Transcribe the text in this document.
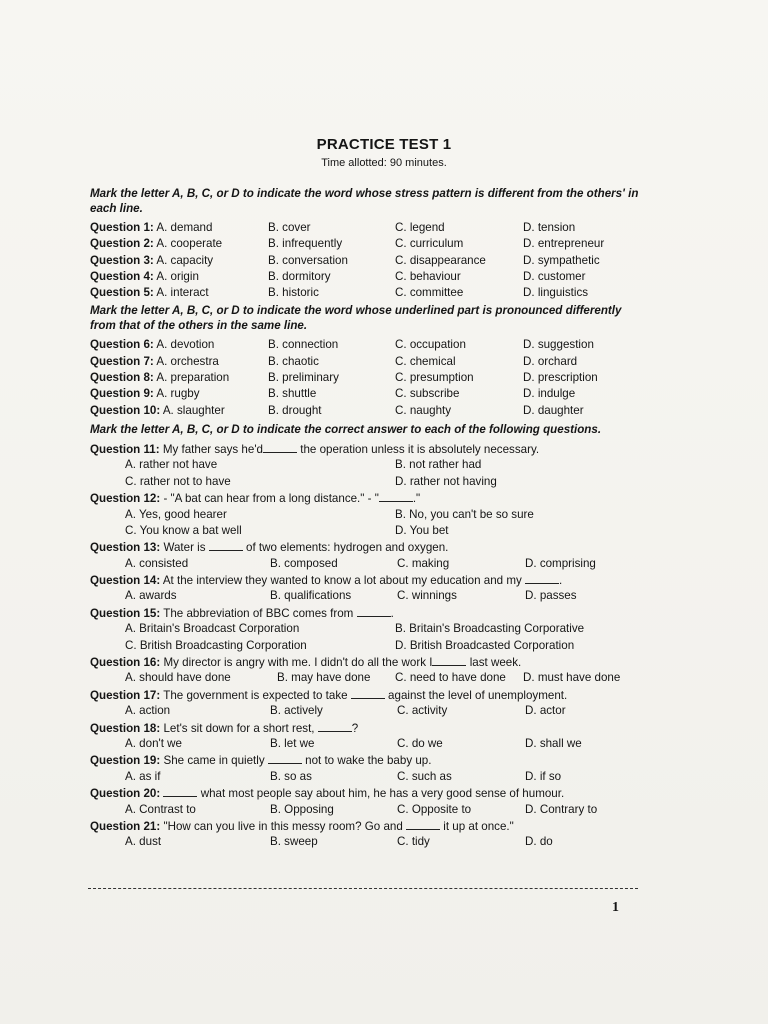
PRACTICE TEST 1
Time allotted: 90 minutes.
Mark the letter A, B, C, or D to indicate the word whose stress pattern is different from the others' in each line.
Question 1: A. demand	B. cover	C. legend	D. tension
Question 2: A. cooperate	B. infrequently	C. curriculum	D. entrepreneur
Question 3: A. capacity	B. conversation	C. disappearance	D. sympathetic
Question 4: A. origin	B. dormitory	C. behaviour	D. customer
Question 5: A. interact	B. historic	C. committee	D. linguistics
Mark the letter A, B, C, or D to indicate the word whose underlined part is pronounced differently from that of the others in the same line.
Question 6: A. devotion	B. connection	C. occupation	D. suggestion
Question 7: A. orchestra	B. chaotic	C. chemical	D. orchard
Question 8: A. preparation	B. preliminary	C. presumption	D. prescription
Question 9: A. rugby	B. shuttle	C. subscribe	D. indulge
Question 10: A. slaughter	B. drought	C. naughty	D. daughter
Mark the letter A, B, C, or D to indicate the correct answer to each of the following questions.
Question 11: My father says he'd	the operation unless it is absolutely necessary.
A. rather not have	B. not rather had
C. rather not to have	D. rather not having
Question 12: - "A bat can hear from a long distance." - "	."
A. Yes, good hearer	B. No, you can't be so sure
C. You know a bat well	D. You bet
Question 13: Water is	of two elements: hydrogen and oxygen.
A. consisted	B. composed	C. making	D. comprising
Question 14: At the interview they wanted to know a lot about my education and my	.
A. awards	B. qualifications	C. winnings	D. passes
Question 15: The abbreviation of BBC comes from	.
A. Britain's Broadcast Corporation	B. Britain's Broadcasting Corporative
C. British Broadcasting Corporation	D. British Broadcasted Corporation
Question 16: My director is angry with me. I didn't do all the work I	last week.
A. should have done	B. may have done	C. need to have done	D. must have done
Question 17: The government is expected to take	against the level of unemployment.
A. action	B. actively	C. activity	D. actor
Question 18: Let's sit down for a short rest,	?
A. don't we	B. let we	C. do we	D. shall we
Question 19: She came in quietly	not to wake the baby up.
A. as if	B. so as	C. such as	D. if so
Question 20:	what most people say about him, he has a very good sense of humour.
A. Contrast to	B. Opposing	C. Opposite to	D. Contrary to
Question 21: "How can you live in this messy room? Go and	it up at once."
A. dust	B. sweep	C. tidy	D. do
1
